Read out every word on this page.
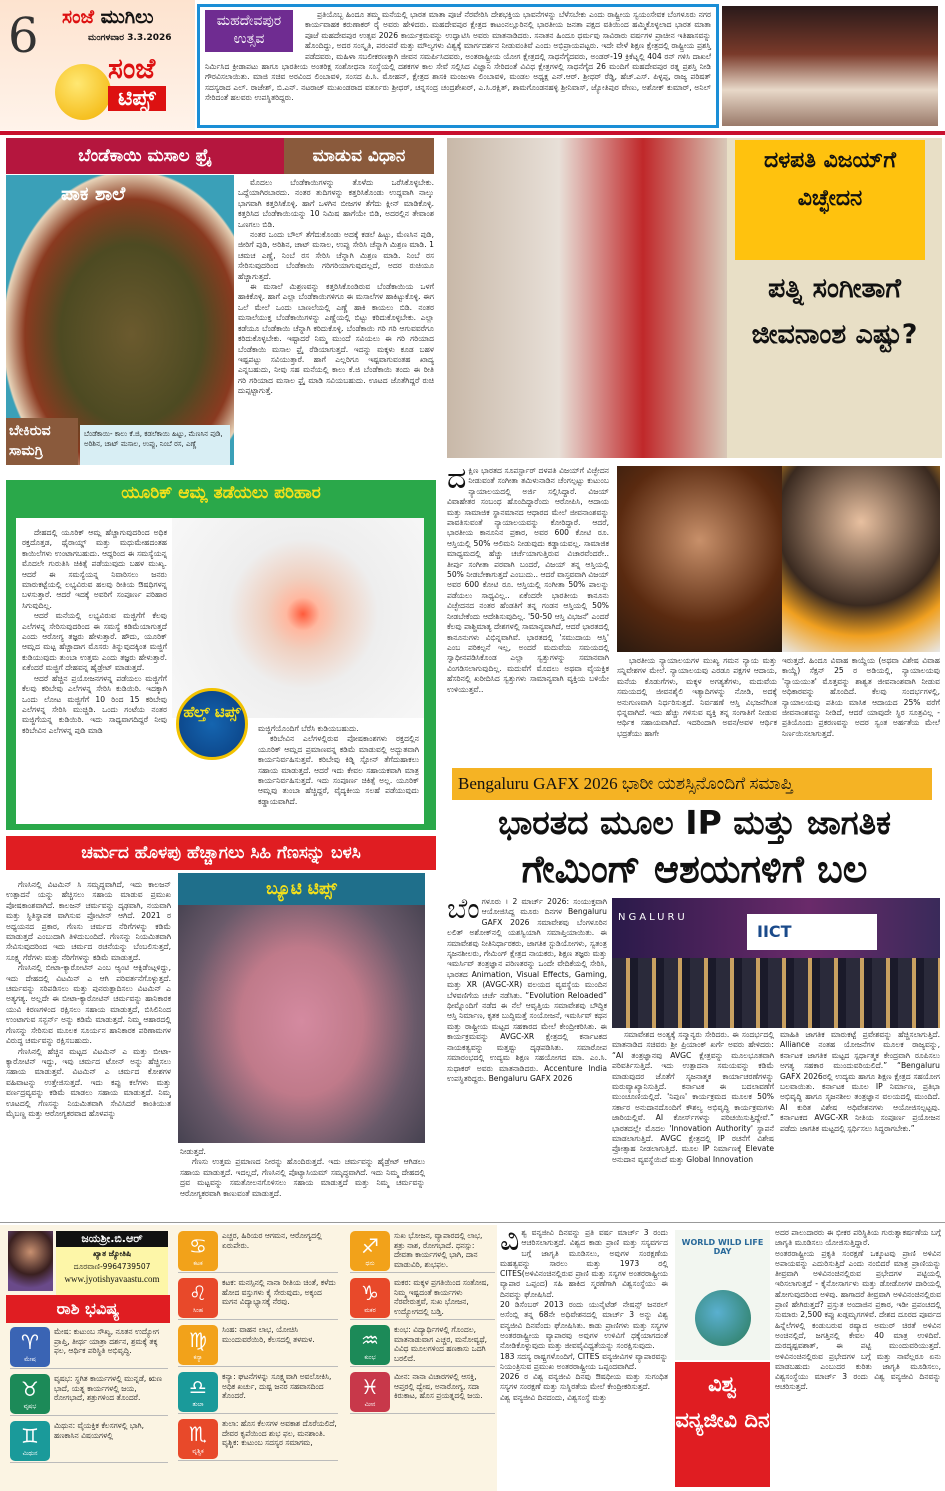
6 ಸಂಜೆ ಮುಗಿಲು
ಮಂಗಳವಾರ 3.3.2026
ಸಂಜೆ
ಟಿಪ್ಸ್

ಪ್ರತಿಯೊಬ್ಬ ಹಿಂದೂ ತಮ್ಮ ಮನೆಯಲ್ಲಿ ಭಾರತ ಮಾತಾ ಪೂಜೆ ನೆರವೇರಿಸಿ ದೇಶಭಕ್ತಿಯ ಭಾವನೆಗಳನ್ನು ಬೆಳೆಸಬೇಕು ಎಂದು ರಾಷ್ಟ್ರೀಯ ಸ್ವಯಂಸೇವಕ ಬೆಂಗಳೂರು ನಗರ ಕಾರ್ಯವಾಹಕ ಕರುಣಾಕರ್ ರೈ ಅವರು ಹೇಳಿದರು. ಮಹದೇವಪುರ ಕ್ಷೇತ್ರದ ಕಾಟಂನಲ್ಲೂರಿನಲ್ಲಿ ಭಾರತೀಯ ಜನತಾ ಪಕ್ಷದ ವತಿಯಿಂದ ಹಮ್ಮಿಕೊಳ್ಳಲಾದ ಭಾರತ ಮಾತಾ ಪೂಜೆ ಮಹದೇವಪುರ ಉತ್ಸವ 2026 ಕಾರ್ಯಕ್ರಮವನ್ನು ಉದ್ಘಾಟಿಸಿ ಅವರು ಮಾತನಾಡಿದರು. ಸನಾತನ ಹಿಂದೂ ಧರ್ಮವು ಸಾವಿರಾರು ವರ್ಷಗಳ ಪ್ರಾಚೀನ ಇತಿಹಾಸವನ್ನು ಹೊಂದಿದ್ದು, ಅದರ ಸಂಸ್ಕೃತಿ, ಪರಂಪರೆ ಮತ್ತು ಮೌಲ್ಯಗಳು ವಿಶ್ವಕ್ಕೆ ಮಾರ್ಗದರ್ಶನ ನೀಡುವಂತಿವೆ ಎಂದು ಅಭಿಪ್ರಾಯಪಟ್ಟರು. ಇದೇ ವೇಳೆ ಶಿಕ್ಷಣ ಕ್ಷೇತ್ರದಲ್ಲಿ ರಾಷ್ಟ್ರೀಯ ಪ್ರಶಸ್ತಿ ಪಡೆದವರು, ಮಹಿಳಾ ಸಬಲೀಕರಣಕ್ಕಾಗಿ ಜೀವನ ಸಮರ್ಪಿಸಿದವರು, ಅಂತರಾಷ್ಟ್ರೀಯ ಯೋಗ ಕ್ಷೇತ್ರದಲ್ಲಿ ಸಾಧನೆಗೈದವರು, ಅಂಡರ್-19 ಕ್ರಿಕೆಟ್ನಲ್ಲಿ 404 ರನ್ ಗಳಿಸಿ ದಾಖಲೆ ನಿರ್ಮಿಸಿದ ಕ್ರೀಡಾಪಟು ಹಾಗೂ ಭಾರತೀಯ ಅಂತರಿಕ್ಷ ಸಂಶೋಧನಾ ಸಂಸ್ಥೆಯಲ್ಲಿ ದಶಕಗಳ ಕಾಲ ಸೇವೆ ಸಲ್ಲಿಸಿದ ವಿಜ್ಞಾನಿ ಸೇರಿದಂತೆ ವಿವಿಧ ಕ್ಷೇತ್ರಗಳಲ್ಲಿ ಸಾಧನೆಗೈದ 26 ಮಂದಿಗೆ ಮಹದೇವಪುರ ರತ್ನ ಪ್ರಶಸ್ತಿ ನೀಡಿ ಗೌರವಿಸಲಾಯಿತು. ಮಾಜಿ ಸಚಿವ ಅರವಿಂದ ಲಿಂಬಾವಳಿ, ಸಂಸದ ಪಿ.ಸಿ. ಮೋಹನ್, ಕ್ಷೇತ್ರದ ಶಾಸಕಿ ಮಂಜುಳಾ ಲಿಂಬಾವಳಿ, ಮಂಡಲ ಅಧ್ಯಕ್ಷ ಎನ್.ಆರ್. ಶ್ರೀಧರ್ ರೆಡ್ಡಿ, ಹೆಚ್.ಎಸ್. ಪಿಳ್ಳಪ್ಪ, ರಾಜ್ಯ ಪರಿಷತ್ ಸದಸ್ಯರಾದ ಎಲ್. ರಾಜೇಶ್, ಬಿ.ಎನ್. ನಟರಾಜ್ ಮುಖಂಡರಾದ ವರ್ತೂರು ಶ್ರೀಧರ್, ಚನ್ನಸಂದ್ರ ಚಂದ್ರಶೇಖರ್, ಎ.ಸಿ.ರಕ್ಷಿತ್, ಶಾಮಗೊಂಡನಹಳ್ಳಿ ಶ್ರೀನಿವಾಸ್, ಜ್ಯೋತಿಪುರ ವೇಣು, ಅಶೋಕ್ ಕುಮಾರ್, ಅನಿಲ್ ಸೇರಿದಂತೆ ಹಲವರು ಉಪಸ್ಥಿತರಿದ್ದರು.

ಮಹದೇವಪುರ ಉತ್ಸವ
ಬೆಂಡೆಕಾಯಿ ಮಸಾಲ ಫ್ರೈ	ಮಾಡುವ ವಿಧಾನ
ಪಾಕ ಶಾಲೆ
ಬೇಕಿರುವ ಸಾಮಗ್ರಿ
ಬೆಂಡೆಕಾಯಿ- ಕಾಲು ಕೆ.ಜಿ, ಕಡಲೆಕಾಯಿ ಹಿಟ್ಟು, ಮೆಣಸಿನ ಪುಡಿ, ಅರಿಶಿನ, ಚಾಟ್ ಮಸಾಲ, ಉಪ್ಪು, ನಿಂಬೆ ರಸ, ಎಣ್ಣೆ

ಮೊದಲು ಬೆಂಡೆಕಾಯಿಗಳನ್ನು ತೊಳೆದು ಒರೆಸಿಕೊಳ್ಳಬೇಕು. ಒದ್ದೆಯಾಗಿರಬಾರದು. ನಂತರ ತುದಿಗಳನ್ನು ಕತ್ತರಿಸಿಕೊಂಡು ಉದ್ದವಾಗಿ ನಾಲ್ಕು ಭಾಗವಾಗಿ ಕತ್ತರಿಸಿಕೊಳ್ಳಿ. ಹಾಗೆ ಒಳಗಿನ ಬೀಜಗಳ ತೆಗೆದು ಕ್ಲೀನ್ ಮಾಡಿಕೊಳ್ಳಿ. ಕತ್ತರಿಸಿದ ಬೆಂಡೆಕಾಯಿಯನ್ನು 10 ನಿಮಿಷ ಹಾಗೆಯೇ ಬಿಡಿ, ಅದರಲ್ಲಿನ ತೇವಾಂಶ ಒಣಗಲು ಬಿಡಿ.

ನಂತರ ಒಂದು ಬೌಲ್ ತೆಗೆದುಕೊಂಡು ಅದಕ್ಕೆ ಕಡಲೆ ಹಿಟ್ಟು, ಮೆಣಸಿನ ಪುಡಿ, ಜೀರಿಗೆ ಪುಡಿ, ಅರಿಶಿನ, ಚಾಟ್ ಮಸಾಲ, ಉಪ್ಪು ಸೇರಿಸಿ ಚೆನ್ನಾಗಿ ಮಿಶ್ರಣ ಮಾಡಿ. 1 ಚಮಚ ಎಣ್ಣೆ, ನಿಂಬೆ ರಸ ಸೇರಿಸಿ ಚೆನ್ನಾಗಿ ಮಿಶ್ರಣ ಮಾಡಿ. ನಿಂಬೆ ರಸ ಸೇರಿಸುವುದರಿಂದ ಬೆಂಡೆಕಾಯಿ ಗರಿಗರಿಯಾಗುವುದಲ್ಲದೆ, ಅದರ ರುಚಿಯೂ ಹೆಚ್ಚಾಗುತ್ತದೆ.

ಈ ಮಸಾಲೆ ಮಿಶ್ರಣವನ್ನು ಕತ್ತರಿಸಿಕೊಂಡಿರುವ ಬೆಂಡೆಕಾಯಿಯ ಒಳಗೆ ಹಾಕಿಕೊಳ್ಳಿ. ಹಾಗೆ ಎಲ್ಲಾ ಬೆಂಡೆಕಾಯಿಗಳಿಗೂ ಈ ಮಸಾಲೆಗಳ ಹಾಕಿಟ್ಟುಕೊಳ್ಳಿ. ಈಗ ಒಲೆ ಮೇಲೆ ಒಂದು ಬಾಣಲೆಯಲ್ಲಿ ಎಣ್ಣೆ ಹಾಕಿ ಕಾಯಲು ಬಿಡಿ. ನಂತರ ಮಸಾಲೆಯುಕ್ತ ಬೆಂಡೆಕಾಯಿಗಳನ್ನು ಎಣ್ಣೆಯಲ್ಲಿ ಬಿಟ್ಟು ಕರಿದುಕೊಳ್ಳಬೇಕು. ಎಲ್ಲಾ ಕಡೆಯೂ ಬೆಂಡೆಕಾಯಿ ಚೆನ್ನಾಗಿ ಕರಿದುಕೊಳ್ಳಿ. ಬೆಂಡೆಕಾಯಿ ಗರಿ ಗರಿ ಆಗುವವರೆಗೂ ಕರಿದುಕೊಳ್ಳಬೇಕು. ಇಷ್ಟಾದರೆ ನಿಮ್ಮ ಮುಂದೆ ಸವಿಯಲು ಈ ಗರಿ ಗರಿಯಾದ ಬೆಂಡೆಕಾಯಿ ಮಸಾಲ ಫ್ರೈ ರೆಡಿಯಾಗುತ್ತದೆ. ಇದನ್ನು ಮಕ್ಕಳು ಕೂಡ ಬಹಳ ಇಷ್ಟಪಟ್ಟು ಸವಿಯುತ್ತಾರೆ. ಹಾಗೆ ಎಲ್ಲರಿಗೂ ಇಷ್ಟವಾಗುವಂತಹ ಖಾದ್ಯ ಎನ್ನಬಹುದು, ನೀವು ಸಹ ಮನೆಯಲ್ಲಿ ಕಾಲು ಕೆ.ಜಿ ಬೆಂಡೆಕಾಯಿ ತಂದು ಈ ರೀತಿ ಗರಿ ಗರಿಯಾದ ಮಸಾಲ ಫ್ರೈ ಮಾಡಿ ಸವಿಯಬಹುದು. ಊಟದ ಜೊತೆಗಿದ್ದರೆ ರುಚಿ ದುಪ್ಪಟ್ಟಾಗುತ್ತೆ.

ಯೂರಿಕ್ ಆಮ್ಲ ತಡೆಯಲು ಪರಿಹಾರ

ದೇಹದಲ್ಲಿ ಯೂರಿಕ್ ಆಮ್ಲ ಹೆಚ್ಚಾಗುವುದರಿಂದ ಅಧಿಕ ರಕ್ತದೊತ್ತಡ, ಥೈರಾಯ್ಡ್ ಮತ್ತು ಮಧುಮೇಹದಂತಹ ಕಾಯಿಲೆಗಳು ಉಂಟಾಗಬಹುದು. ಆದ್ದರಿಂದ ಈ ಸಮಸ್ಯೆಯನ್ನ ಮೊದಲೇ ಗುರುತಿಸಿ ಚಿಕಿತ್ಸೆ ಪಡೆಯುವುದು ಬಹಳ ಮುಖ್ಯ. ಆದರೆ ಈ ಸಮಸ್ಯೆಯನ್ನ ನಿವಾರಿಸಲು ಜನರು ಮಾರುಕಟ್ಟೆಯಲ್ಲಿ ಲಭ್ಯವಿರುವ ಹಲವು ರೀತಿಯ ಔಷಧಿಗಳನ್ನ ಬಳಸುತ್ತಾರೆ. ಆದರೆ ಇದಕ್ಕೆ ಅವರಿಗೆ ಸಂಪೂರ್ಣ ಪರಿಹಾರ ಸಿಗುವುದಿಲ್ಲ.

ಆದರೆ ಮನೆಯಲ್ಲಿ ಲಭ್ಯವಿರುವ ಮಜ್ಜಿಗೆಗೆ ಕೆಲವು ಎಲೆಗಳನ್ನ ಸೇರಿಸುವುದರಿಂದ ಈ ಸಮಸ್ಯೆ ಕಡಿಮೆಯಾಗುತ್ತದೆ ಎಂದು ಆರೋಗ್ಯ ತಜ್ಞರು ಹೇಳುತ್ತಾರೆ. ಹೌದು, ಯೂರಿಕ್ ಆಮ್ಲದ ಮಟ್ಟ ಹೆಚ್ಚಾದಾಗ ಮೊಸರು ತಿನ್ನುವುದಕ್ಕಿಂತ ಮಜ್ಜಿಗೆ ಕುಡಿಯುವುದು ತುಂಬಾ ಉತ್ತಮ ಎಂದು ತಜ್ಞರು ಹೇಳುತ್ತಾರೆ. ಏಕೆಂದರೆ ಮಜ್ಜಿಗೆ ದೇಹವನ್ನ ಹೈಡ್ರೇಟ್ ಮಾಡುತ್ತದೆ.

ಆದರೆ ಹೆಚ್ಚಿನ ಪ್ರಯೋಜನಗಳನ್ನ ಪಡೆಯಲು ಮಜ್ಜಿಗೆಗೆ ಕೆಲವು ಕರಿಬೇವು ಎಲೆಗಳನ್ನ ಸೇರಿಸಿ ಕುಡಿಯಿರಿ. ಇದಕ್ಕಾಗಿ ಒಂದು ಲೋಟ ಮಜ್ಜಿಗೆಗೆ 10 ರಿಂದ 15 ಕರಿಬೇವು ಎಲೆಗಳನ್ನ ಸೇರಿಸಿ ಮುಚ್ಚಿಡಿ. ಒಂದು ಗಂಟೆಯ ನಂತರ ಮಜ್ಜಿಗೆಯನ್ನ ಕುಡಿಯಿರಿ. ಇದು ಸಾಧ್ಯವಾಗದಿದ್ದರೆ ನೀವು ಕರಿಬೇವಿನ ಎಲೆಗಳನ್ನ ಪುಡಿ ಮಾಡಿ	ಮಜ್ಜಿಗೆಯೊಂದಿಗೆ ಬೆರೆಸಿ ಕುಡಿಯಬಹುದು.

ಕರಿಬೇವಿನ ಎಲೆಗಳಲ್ಲಿರುವ ಪೋಷಕಾಂಶಗಳು ರಕ್ತದಲ್ಲಿನ ಯೂರಿಕ್ ಆಮ್ಲದ ಪ್ರಮಾಣವನ್ನ ಕಡಿಮೆ ಮಾಡುವಲ್ಲಿ ಅದ್ಭುತವಾಗಿ ಕಾರ್ಯನಿರ್ವಹಿಸುತ್ತವೆ. ಕರಿಬೇವು ಕಿಡ್ನಿ ಸ್ಟೋನ್ ತೆಗೆದುಹಾಕಲು ಸಹಾಯ ಮಾಡುತ್ತದೆ. ಆದರೆ ಇದು ಕೇವಲ ಸಹಾಯಕವಾಗಿ ಮಾತ್ರ ಕಾರ್ಯನಿರ್ವಹಿಸುತ್ತದೆ. ಇದು ಸಂಪೂರ್ಣ ಚಿಕಿತ್ಸೆ ಅಲ್ಲ. ಯೂರಿಕ್ ಆಮ್ಲವು ತುಂಬಾ ಹೆಚ್ಚಿದ್ದರೆ, ವೈದ್ಯಕೀಯ ಸಲಹೆ ಪಡೆಯುವುದು ಕಡ್ಡಾಯವಾಗಿದೆ.

ಹೆಲ್ತ್ ಟಿಪ್ಸ್
ಚರ್ಮದ ಹೊಳಪು ಹೆಚ್ಚಾಗಲು ಸಿಹಿ ಗೆಣಸನ್ನು ಬಳಸಿ

ಗೆಣಸಿನಲ್ಲಿ ವಿಟಮಿನ್ ಸಿ ಸಮೃದ್ಧವಾಗಿದೆ, ಇದು ಕಾಲಜನ್ ಉತ್ಪಾದನೆ ಯನ್ನು ಹೆಚ್ಚಿಸಲು ಸಹಾಯ ಮಾಡುವ ಪ್ರಮುಖ ಪೋಷಕಾಂಶವಾಗಿದೆ. ಕಾಲಜನ್ ಚರ್ಮವನ್ನು ದೃಢವಾಗಿ, ನಯವಾಗಿ ಮತ್ತು ಸ್ಥಿತಿಸ್ಥಾಪಕ ವಾಗಿಸುವ ಪ್ರೋಟೀನ್ ಆಗಿದೆ. 2021 ರ ಅಧ್ಯಯನದ ಪ್ರಕಾರ, ಗೆಣಸು ಚರ್ಮದ ನೆರಿಗೆಗಳನ್ನು ಕಡಿಮೆ ಮಾಡುತ್ತದೆ ಎಂಬುದಾಗಿ ತಿಳಿದುಬಂದಿದೆ. ಗೆಣಸನ್ನು ನಿಯಮಿತವಾಗಿ ಸೇವಿಸುವುದರಿಂದ ಇದು ಚರ್ಮದ ರಚನೆಯನ್ನು ಬೆಂಬಲಿಸುತ್ತದೆ, ಸೂಕ್ಷ್ಮ ಗೆರೆಗಳು ಮತ್ತು ನೆರಿಗೆಗಳನ್ನು ಕಡಿಮೆ ಮಾಡುತ್ತದೆ.

ಗೆಣಸಿನಲ್ಲಿ ಬೀಟಾ-ಕ್ಯಾರೋಟಿನ್ ಎಂಬ ಆ್ಯಂಟಿ ಆಕ್ಸಿಡೆಂಟ್ಗಳಿದ್ದು, ಇದು ದೇಹದಲ್ಲಿ ವಿಟಮಿನ್ ಎ ಆಗಿ ಪರಿವರ್ತನೆಗೊಳ್ಳುತ್ತದೆ. ಚರ್ಮವನ್ನು ಸರಿಪಡಿಸಲು ಮತ್ತು ಪುನರುತ್ಪಾದಿಸಲು ವಿಟಮಿನ್ ಎ ಅತ್ಯಗತ್ಯ. ಅಲ್ಲದೇ ಈ ಬೀಟಾ-ಕ್ಯಾರೋಟಿನ್ ಚರ್ಮವನ್ನು ಹಾನಿಕಾರಕ ಯುವಿ ಕಿರಣಗಳಿಂದ ರಕ್ಷಿಸಲು ಸಹಾಯ ಮಾಡುತ್ತದೆ, ಬಿಸಿಲಿನಿಂದ ಉಂಟಾಗುವ ಸನ್ಬರ್ನ್ ಅನ್ನು ಕಡಿಮೆ ಮಾಡುತ್ತದೆ. ನಿಮ್ಮ ಆಹಾರದಲ್ಲಿ ಗೆಣಸನ್ನು ಸೇರಿಸುವ ಮೂಲಕ ಸೂರ್ಯನ ಹಾನಿಕಾರಕ ಪರಿಣಾಮಗಳ ವಿರುದ್ಧ ಚರ್ಮವನ್ನು ರಕ್ಷಿಸಬಹುದು.

ಗೆಣಸಿನಲ್ಲಿ ಹೆಚ್ಚಿನ ಮಟ್ಟದ ವಿಟಮಿನ್ ಎ ಮತ್ತು ಬೀಟಾ-ಕ್ಯಾರೋಟಿನ್ ಇದ್ದು, ಇವು ಚರ್ಮದ ಟೋನ್ ಅನ್ನು ಹೆಚ್ಚಿಸಲು ಸಹಾಯ ಮಾಡುತ್ತವೆ. ವಿಟಮಿನ್ ಎ ಚರ್ಮದ ಕೋಶಗಳ ವಹಿವಾಟನ್ನು ಉತ್ತೇಜಿಸುತ್ತದೆ. ಇದು ಕಪ್ಪು ಕಲೆಗಳು ಮತ್ತು ವರ್ಣದ್ರವ್ಯವನ್ನು ಕಡಿಮೆ ಮಾಡಲು ಸಹಾಯ ಮಾಡುತ್ತದೆ. ನಿಮ್ಮ ಊಟದಲ್ಲಿ ಗೆಣಸನ್ನು ನಿಯಮಿತವಾಗಿ ಸೇವಿಸಿದರೆ ಕಾಂತಿಯುತ ಮೈಬಣ್ಣ ಮತ್ತು ಆರೋಗ್ಯಕರವಾದ ಹೊಳಪನ್ನು

ಬ್ಯೂಟಿ ಟಿಪ್ಸ್

ನೀಡುತ್ತದೆ.

ಗೆಣಸು ಉತ್ತಮ ಪ್ರಮಾಣದ ನೀರನ್ನು ಹೊಂದಿರುತ್ತದೆ. ಇದು ಚರ್ಮವನ್ನು ಹೈಡ್ರೇಟ್ ಆಗಿಡಲು ಸಹಾಯ ಮಾಡುತ್ತದೆ. ಇದಲ್ಲದೆ, ಗೆಣಸಿನಲ್ಲಿ ಪೊಟ್ಯಾಸಿಯಮ್ ಸಮೃದ್ಧವಾಗಿದೆ. ಇದು ನಿಮ್ಮ ದೇಹದಲ್ಲಿ ದ್ರವ ಮಟ್ಟವನ್ನು ಸಮತೋಲನಗೊಳಿಸಲು ಸಹಾಯ ಮಾಡುತ್ತದೆ ಮತ್ತು ನಿಮ್ಮ ಚರ್ಮವನ್ನು ಆರೋಗ್ಯಕರವಾಗಿ ಕಾಣುವಂತೆ ಮಾಡುತ್ತದೆ.

ದಳಪತಿ ವಿಜಯ್‌ಗೆ ವಿಚ್ಛೇದನ
ಪತ್ನಿ ಸಂಗೀತಾಗೆ ಜೀವನಾಂಶ ಎಷ್ಟು?
ದಕ್ಷಿಣ ಭಾರತದ ಸೂಪರ್ಸ್ಟಾರ್ ದಳಪತಿ ವಿಜಯ್‌ಗೆ ವಿಚ್ಛೇದನ ನೀಡುವಂತೆ ಸಂಗೀತಾ ತಮಿಳುನಾಡಿನ ಚೆಂಗಲ್ಪಟ್ಟು ಕುಟುಂಬ ನ್ಯಾಯಾಲಯದಲ್ಲಿ ಅರ್ಜಿ ಸಲ್ಲಿಸಿದ್ದಾರೆ. ವಿಜಯ್ ವಿವಾಹೇತರ ಸಂಬಂಧ ಹೊಂದಿದ್ದಾರೆಂದು ಆರೋಪಿಸಿ, ಆದಾಯ ಮತ್ತು ಸಾಮಾಜಿಕ ಸ್ಥಾನಮಾನದ ಆಧಾರದ ಮೇಲೆ ಜೀವನಾಂಶವನ್ನು ಪಾವತಿಸುವಂತೆ ನ್ಯಾಯಾಲಯವನ್ನು ಕೋರಿದ್ದಾರೆ. ಆದರೆ, ಭಾರತೀಯ ಕಾನೂನಿನ ಪ್ರಕಾರ, ಅವರ 600 ಕೋಟಿ ರೂ. ಆಸ್ತಿಯಲ್ಲಿ 50% ಆಲಿಮನಿ ನೀಡುವುದು ಕಡ್ಡಾಯವಲ್ಲ. ಸಾಮಾಜಿಕ ಮಾಧ್ಯಮದಲ್ಲಿ ಹೆಚ್ಚು ಚರ್ಚೆಯಾಗುತ್ತಿರುವ ವಿಚಾರವೆಂದರೇ.. ತೀರ್ಪು ಸಂಗೀತಾ ಪರವಾಗಿ ಬಂದರೆ, ವಿಜಯ್ ತನ್ನ ಆಸ್ತಿಯಲ್ಲಿ 50% ನೀಡಬೇಕಾಗುತ್ತದೆ ಎಂಬುದು.. ಆದರೆ ವಾಸ್ತವವಾಗಿ ವಿಜಯ್ ಅವರ 600 ಕೋಟಿ ರೂ. ಆಸ್ತಿಯಲ್ಲಿ ಸಂಗೀತಾ 50% ಪಾಲನ್ನು ಪಡೆಯಲು ಸಾಧ್ಯವಿಲ್ಲ.. ಏಕೆಂದರೇ ಭಾರತೀಯ ಕಾನೂನು ವಿಚ್ಛೇದನದ ನಂತರ ಹೆಂಡತಿಗೆ ತನ್ನ ಗಂಡನ ಆಸ್ತಿಯಲ್ಲಿ 50% ನೀಡಬೇಕೆಂದು ಆದೇಶಿಸುವುದಿಲ್ಲ. '50-50 ಆಸ್ತಿ ವಿಭಜನೆ' ಎಂದರೆ ಕೆಲವು ಪಾಶ್ಚಿಮಾತ್ಯ ದೇಶಗಳಲ್ಲಿ ಸಾಮಾನ್ಯವಾಗಿದೆ, ಆದರೆ ಭಾರತದಲ್ಲಿ ಕಾನೂನುಗಳು ವಿಭಿನ್ನವಾಗಿವೆ. ಭಾರತದಲ್ಲಿ 'ಸಮುದಾಯ ಆಸ್ತಿ' ಎಂಬ ಪರಿಕಲ್ಪನೆ ಇಲ್ಲ, ಅಂದರೆ ಮದುವೆಯ ಸಮಯದಲ್ಲಿ ಸ್ವಾಧೀನಪಡಿಸಿಕೊಂಡ ಎಲ್ಲಾ ಸ್ವತ್ತುಗಳನ್ನು ಸಮಾನವಾಗಿ ವಿಂಗಡಿಸಲಾಗುವುದಿಲ್ಲ. ಮದುವೆಗೆ ಮೊದಲು ಅಥವಾ ವೈಯಕ್ತಿಕ ಹೆಸರಿನಲ್ಲಿ ಖರೀದಿಸಿದ ಸ್ವತ್ತುಗಳು ಸಾಮಾನ್ಯವಾಗಿ ವ್ಯಕ್ತಿಯ ಬಳಿಯೇ ಉಳಿಯುತ್ತವೆ..

ಭಾರತೀಯ ನ್ಯಾಯಾಲಯಗಳ ಮುಖ್ಯ ಗಮನ ನ್ಯಾಯ ಮತ್ತು ಸನ್ನಿವೇಶಗಳ ಮೇಲೆ. ನ್ಯಾಯಾಲಯವು ಎರಡೂ ಪಕ್ಷಗಳ ಆದಾಯ, ಮನೆಯ ಕೊಡುಗೆಗಳು, ಮಕ್ಕಳ ಅಗತ್ಯತೆಗಳು, ಮದುವೆಯ ಸಮಯದಲ್ಲಿ ಜೀವನಶೈಲಿ ಇತ್ಯಾದಿಗಳನ್ನು ನೋಡಿ, ಅದಕ್ಕೆ ಅನುಗುಣವಾಗಿ ನಿರ್ಧರಿಸುತ್ತದೆ. ನಿರ್ವಹಣೆ ಆಸ್ತಿ ವಿಭಜನೆಗಿಂತ ಭಿನ್ನವಾಗಿದೆ. ಇದು ಹೆಚ್ಚು ಗಳಿಸುವ ವ್ಯಕ್ತಿ ತನ್ನ ಸಂಗಾತಿಗೆ ನೀಡುವ ಆರ್ಥಿಕ ಸಹಾಯವಾಗಿದೆ. ಇದರಿಂದಾಗಿ ಅವನ/ಅವಳ ಆರ್ಥಿಕ ಭದ್ರತೆಯು ಹಾಗೇ

ಇರುತ್ತದೆ. ಹಿಂದೂ ವಿವಾಹ ಕಾಯ್ದೆಯ (ಅಥವಾ ವಿಶೇಷ ವಿವಾಹ ಕಾಯ್ದೆ) ಸೆಕ್ಷನ್ 25 ರ ಅಡಿಯಲ್ಲಿ, ನ್ಯಾಯಾಲಯವು 'ನ್ಯಾಯಯುತ' ಮೊತ್ತವನ್ನು ಶಾಶ್ವತ ಜೀವನಾಂಶವಾಗಿ ನೀಡುವ ಅಧಿಕಾರವನ್ನು ಹೊಂದಿದೆ. ಕೆಲವು ಸಂದರ್ಭಗಳಲ್ಲಿ, ನ್ಯಾಯಾಲಯವು ಪತಿಯ ಮಾಸಿಕ ಆದಾಯದ 25% ವರೆಗೆ ಜೀವನಾಂಶವನ್ನು ನೀಡಿದೆ, ಆದರೆ ಯಾವುದೇ ಸ್ಥಿರ ಸೂತ್ರವಿಲ್ಲ - ಪ್ರತಿಯೊಂದು ಪ್ರಕರಣವನ್ನು ಅದರ ಸ್ವಂತ ಅರ್ಹತೆಯ ಮೇಲೆ ನಿರ್ಣಯಿಸಲಾಗುತ್ತದೆ.

Bengaluru GAFX 2026 ಭಾರೀ ಯಶಸ್ಸಿನೊಂದಿಗೆ ಸಮಾಪ್ತಿ
ಭಾರತದ ಮೂಲ IP ಮತ್ತು ಜಾಗತಿಕ
ಗೇಮಿಂಗ್ ಆಶಯಗಳಿಗೆ ಬಲ
ಬೆಂಗಳೂರು । 2 ಮಾರ್ಚ್ 2026: ಸಂಯುಕ್ತವಾಗಿ ಆಯೋಜಿಸಿದ್ದ ಮೂರು ದಿನಗಳ Bengaluru GAFX 2026 ಸಮಾವೇಶವು ಬೆಂಗಳೂರಿನ ಲಲಿತ್ ಅಶೋಕ್‌ನಲ್ಲಿ ಯಶಸ್ವಿಯಾಗಿ ಸಮಾಪ್ತಿಯಾಯಿತು. ಈ ಸಮಾವೇಶವು ನೀತಿನಿರ್ಧಾರಕರು, ಜಾಗತಿಕ ಸ್ಟುಡಿಯೋಗಳು, ಸ್ವತಂತ್ರ ಸೃಜನಶೀಲರು, ಗೇಮಿಂಗ್ ಕ್ಷೇತ್ರದ ನಾಯಕರು, ಶಿಕ್ಷಣ ತಜ್ಞರು ಮತ್ತು ಇಮರ್ಸಿವ್ ತಂತ್ರಜ್ಞಾನ ಪರಿಣತರನ್ನು ಒಂದೇ ವೇದಿಕೆಯಲ್ಲಿ ಸೇರಿಸಿ, ಭಾರತದ Animation, Visual Effects, Gaming, ಮತ್ತು XR (AVGC-XR) ವಲಯದ ವ್ಯವಸ್ಥೆಯ ಮುಂದಿನ ಬೆಳವಣಿಗೆಯ ಚರ್ಚೆ ನಡೆಸಿತು. “Evolution Reloaded” ಥೀಮ್ನೊಂದಿಗೆ ನಡೆದ ಈ ನೆಲೆ ಆವೃತ್ತಿಯ ಸಮಾವೇಶವು ಬೌದ್ಧಿಕ ಆಸ್ತಿ ನಿರ್ಮಾಣ, ಕೃತಕ ಬುದ್ಧಿಮತ್ತೆ ಸಂಯೋಜನೆ, ಇಮರ್ಸಿವ್ ಕಥನ ಮತ್ತು ರಾಷ್ಟ್ರೀಯ ಮಟ್ಟದ ಸಹಕಾರದ ಮೇಲೆ ಕೇಂದ್ರೀಕರಿಸಿತು. ಈ ಕಾರ್ಯಕ್ರಮವನ್ನು AVGC-XR ಕ್ಷೇತ್ರದಲ್ಲಿ ಕರ್ನಾಟಕದ ನಾಯಕತ್ವವನ್ನು ಮತ್ತಷ್ಟು ದೃಢಪಡಿಸಿತು. ಸಮಾರೋಪ ಸಮಾರಂಭದಲ್ಲಿ ಉದ್ಯಮ ಶಿಕ್ಷಣ ಸಹಯೋಗದ ಮಾ. ಎಂ.ಸಿ. ಸುಧಾಕರ್ ಅವರು ಮಾತನಾಡಿದರು. Accenture India ಉಪಸ್ಥಿತರಿದ್ದರು. Bengaluru GAFX 2026
NGALURU
IICT

ಸಮಾವೇಶದ ಅಂತ್ಯಕ್ಕೆ ಸನ್ಮಾನ್ಯರು ಸೇರಿದರು. ಈ ಸಂದರ್ಭದಲ್ಲಿ ಮಾತನಾಡಿದ ಸಚಿವರು ಶ್ರೀ ಪ್ರಿಯಾಂಕ್ ಖರ್ಗೆ ಅವರು ಹೇಳಿದರು: “AI ತಂತ್ರಜ್ಞಾನವು AVGC ಕ್ಷೇತ್ರವನ್ನು ಮೂಲಭೂತವಾಗಿ ಪರಿವರ್ತಿಸುತ್ತಿದೆ. ಇದು ಉತ್ಪಾದನಾ ಸಮಯವನ್ನು ಕಡಿಮೆ ಮಾಡುವುದರ ಜೊತೆಗೆ ಸೃಜನಾತ್ಮಕ ಕಾರ್ಯಾಚರಣೆಗಳನ್ನು ಮರುವ್ಯಾಖ್ಯಾನಿಸುತ್ತಿದೆ. ಕರ್ನಾಟಕ ಈ ಬದಲಾವಣೆಗೆ ಮುಂಚೂಣಿಯಲ್ಲಿದೆ. 'ನಿಪುಣ' ಕಾರ್ಯಕ್ರಮದ ಮೂಲಕ 50% ಸರ್ಕಾರ ಅನುದಾನದೊಂದಿಗೆ ಕೌಶಲ್ಯ ಅಭಿವೃದ್ಧಿ ಕಾರ್ಯಕ್ರಮಗಳು ಜಾರಿಯಲ್ಲಿವೆ. AI ಕೋರ್ಸ್‌ಗಳನ್ನು ಪರಿಚಯಿಸುತ್ತಿದ್ದೇವೆ.” ಭಾರತದಲ್ಲೇ ಮೊದಲ 'Innovation Authority' ಸ್ಥಾಪನೆ ಮಾಡಲಾಗುತ್ತಿದೆ. AVGC ಕ್ಷೇತ್ರದಲ್ಲಿ IP ರಚನೆಗೆ ವಿಶೇಷ ಪ್ರೋತ್ಸಾಹ ನೀಡಲಾಗುತ್ತಿದೆ. ಮೂಲ IP ನಿರ್ಮಾಣಕ್ಕೆ Elevate ಅನುದಾನ ವ್ಯವಸ್ಥೆಯಿದೆ ಮತ್ತು Global Innovation

ಮಾಹಿತಿ ಜಾಗತಿಕ ಮಾರುಕಟ್ಟೆ ಪ್ರವೇಶವನ್ನು ಹೆಚ್ಚಿಸಲಾಗುತ್ತಿದೆ. Alliance ನಂತಹ ಯೋಜನೆಗಳ ಮೂಲಕ ರಾಜ್ಯವನ್ನು, ಕರ್ನಾಟಕ ಜಾಗತಿಕ ಮಟ್ಟದ ಸ್ಪರ್ಧಾತ್ಮಕ ಕೇಂದ್ರವಾಗಿ ರೂಪಿಸಲು ಅಗತ್ಯ ಸಹಕಾರ ಮುಂದುವರಿಯಲಿದೆ.” “Bengaluru GAFX 2026ರಲ್ಲಿ ಉದ್ಯಮ ಹಾಗೂ ಶಿಕ್ಷಣ ಕ್ಷೇತ್ರದ ಸಹಯೋಗ ಬಲವಾಯಿತು. ಕರ್ನಾಟಕ ಮೂಲ IP ನಿರ್ಮಾಣ, ಪ್ರತಿಭಾ ಅಭಿವೃದ್ಧಿ ಹಾಗೂ ಸೃಜನಶೀಲ ತಂತ್ರಜ್ಞಾನ ವಲಯದಲ್ಲಿ ಮುಂದಿದೆ. AI ಕುರಿತ ವಿಶೇಷ ಅಧಿವೇಶನಗಳು ಆಯೋಜಿಸಲ್ಪಟ್ಟವು. ಕರ್ನಾಟಕದ AVGC-XR ನೀತಿಯ ಸಂಪೂರ್ಣ ಪ್ರಯೋಜನ ಪಡೆದು ಜಾಗತಿಕ ಮಟ್ಟದಲ್ಲಿ ಸ್ಪರ್ಧಿಸಲು ಸಿದ್ಧರಾಗಬೇಕು.”

ಜಯಶ್ರೀ.ಬಿ.ಆರ್
ಖ್ಯಾತ ಜ್ಯೋತಿಷಿ
ದೂರವಾಣಿ-9964739507
www.jyotishyavaastu.com
ರಾಶಿ ಭವಿಷ್ಯ
♈
ಮೇಷ
ಮೇಷ: ಕುಟುಂಬ ಸೌಖ್ಯ, ನೂತನ ಉದ್ಯೋಗ ಪ್ರಾಪ್ತಿ, ತೀರ್ಥ ಯಾತ್ರಾ ದರ್ಶನ, ಶ್ರಮಕ್ಕೆ ತಕ್ಕ ಫಲ, ಆರ್ಥಿಕ ಪರಿಸ್ಥಿತಿ ಅಭಿವೃದ್ಧಿ.
♉
ವೃಷಭ
ವೃಷಭ: ಸ್ಥಗಿತ ಕಾರ್ಯಗಳಲ್ಲಿ ಮುನ್ನಡೆ, ಋಣ ಭಾದೆ, ಯತ್ನ ಕಾರ್ಯಗಳಲ್ಲಿ ಜಯ, ರೋಗಭಾದೆ, ಶತ್ರುಗಳಿಂದ ತೊಂದರೆ.
♊
ಮಿಥುನ
ಮಿಥುನ: ವೈಯಕ್ತಿಕ ಕೆಲಸಗಳಲ್ಲಿ ಭಾಗಿ, ಹಣಕಾಸಿನ ವಿಷಯಗಳಲ್ಲಿ
♋
ಕಟಕ
ಎಚ್ಚರ, ಹಿರಿಯರ ಆಗಮನ, ಆರೋಗ್ಯದಲ್ಲಿ ಏರುಪೇರು.
♌
ಸಿಂಹ
ಕಟಕ: ಮನಸ್ಸಿನಲ್ಲಿ ನಾನಾ ರೀತಿಯ ಚಿಂತೆ, ಕಳೆದು ಹೋದ ವಸ್ತುಗಳು ಕೈ ಸೇರುವುದು, ಅಕ್ಕಂದ ಮಗನ ವಿದ್ಯಾಭ್ಯಾಸಕ್ಕೆ ನೆರವು.
♍
ಕನ್ಯಾ
ಸಿಂಹ: ವಾಹನ ಲಾಭ, ಯೋಚಿಸಿ ಮುಂದುವರೆಯಿರಿ, ಕೆಲಸದಲ್ಲಿ ತಳಮಳ.
♎
ತುಲಾ
ಕನ್ಯಾ: ಘಟನೆಗಳನ್ನು ಸೂಕ್ಷ್ಮವಾಗಿ ಅವಲೋಕಿಸಿ, ಅಧಿಕ ಖರ್ಚು, ದುಷ್ಟ ಜನರ ಸಹವಾಸದಿಂದ ತೊಂದರೆ.
♏
ವೃಶ್ಚಿಕ
ತುಲಾ: ಹೊಸ ಕೆಲಸಗಳ ಅವಕಾಶ ದೊರೆಯಲಿದೆ, ದೇವರ ಕೃಪೆಯಿಂದ ಶುಭ ಫಲ, ಮನಶಾಂತಿ. ವೃಶ್ಚಿಕ: ಕುಟುಂಬ ಸದಸ್ಯರ ಸಮಾಗಮ,
♐
ಧನು
ಸುಖ ಭೋಜನ, ವ್ಯಾಪಾರದಲ್ಲಿ ಲಾಭ, ಶತ್ರು ನಾಶ, ರೋಗಭಾದೆ. ಧನಸ್ಸು: ದೇವತಾ ಕಾರ್ಯಗಳಲ್ಲಿ ಭಾಗಿ, ದಾನ ಮಾಡುವಿರಿ, ಶುಭಫಲ.
♑
ಮಕರ
ಮಕರ: ಮಕ್ಕಳ ಪ್ರಗತಿಯಿಂದ ಸಂತೋಷ, ನಿಮ್ಮ ಇಷ್ಟದಂತೆ ಕಾರ್ಯಗಳು ನೆರವೇರುತ್ತವೆ, ಸುಖ ಭೋಜನ, ಉದ್ಯೋಗದಲ್ಲಿ ಬಡ್ತಿ.
♒
ಕುಂಭ
ಕುಂಭ: ವಿದ್ಯಾರ್ಥಿಗಳಲ್ಲಿ ಗೊಂದಲ, ಮಾತನಾಡುವಾಗ ಎಚ್ಚರ, ಮನೋವ್ಯಥೆ, ವಿವಿಧ ಮೂಲಗಳಿಂದ ಹಣಕಾಸು ಒದಗಿ ಬರಲಿದೆ.
♓
ಮೀನ
ಮೀನ: ನಾನಾ ವಿಚಾರಗಳಲ್ಲಿ ಆಸಕ್ತಿ, ಆಪ್ತರಲ್ಲಿ ದ್ವೇಷ, ಅನಾರೋಗ್ಯ, ಸದಾ ಕಿರುಕಾಟ, ಹೊಸ ಪ್ರಯತ್ನದಲ್ಲಿ ಜಯ.
ವಿಶ್ವ ವನ್ಯಜೀವಿ ದಿನವನ್ನು ಪ್ರತಿ ವರ್ಷ ಮಾರ್ಚ್ 3 ರಂದು ಆಚರಿಸಲಾಗುತ್ತದೆ. ವಿಶ್ವದ ಕಾಡು ಪ್ರಾಣಿ ಮತ್ತು ಸಸ್ಯವರ್ಗದ ಬಗ್ಗೆ ಜಾಗೃತಿ ಮೂಡಿಸಲು, ಅವುಗಳ ಸಂರಕ್ಷಣೆಯ ಮಹತ್ವವನ್ನು ಸಾರಲು ಮತ್ತು 1973 ರಲ್ಲಿ CITES(ಅಳಿವಿನಂಚಿನಲ್ಲಿರುವ ಪ್ರಾಣಿ ಮತ್ತು ಸಸ್ಯಗಳ ಅಂತರರಾಷ್ಟ್ರೀಯ ವ್ಯಾಪಾರ ಒಪ್ಪಂದ) ಸಹಿ ಹಾಕಿದ ಸ್ಮರಣೆಗಾಗಿ ವಿಶ್ವಸಂಸ್ಥೆಯು ಈ ದಿನವನ್ನು ಘೋಷಿಸಿದೆ.
20 ಡಿಸೆಂಬರ್ 2013 ರಂದು ಯುನೈಟೆಡ್ ನೇಷನ್ಸ್ ಜನರಲ್ ಅಸೆಂಬ್ಲಿ ತನ್ನ 68ನೇ ಅಧಿವೇಶನದಲ್ಲಿ ಮಾರ್ಚ್ 3 ಅನ್ನು ವಿಶ್ವ ವನ್ಯಜೀವಿ ದಿನವೆಂದು ಘೋಷಿಸಿತು. ಕಾಡು ಪ್ರಾಣಿಗಳು ಮತ್ತು ಸಸ್ಯಗಳ ಅಂತರರಾಷ್ಟ್ರೀಯ ವ್ಯಾಪಾರವು ಅವುಗಳ ಉಳಿವಿಗೆ ಧಕ್ಕೆಯಾಗದಂತೆ ನೋಡಿಕೊಳ್ಳುವುದು ಮತ್ತು ಜೀವವೈವಿಧ್ಯತೆಯನ್ನು ಸಂರಕ್ಷಿಸುವುದು.
183 ಸದಸ್ಯ ರಾಷ್ಟ್ರಗಳೊಂದಿಗೆ, CITES ವನ್ಯಜೀವಿಗಳ ವ್ಯಾಪಾರವನ್ನು ನಿಯಂತ್ರಿಸುವ ಪ್ರಮುಖ ಅಂತರರಾಷ್ಟ್ರೀಯ ಒಪ್ಪಂದವಾಗಿದೆ.
2026 ರ ವಿಶ್ವ ವನ್ಯಜೀವಿ ದಿನವು ಔಷಧೀಯ ಮತ್ತು ಸುಗಂಧಿತ ಸಸ್ಯಗಳ ಸಂರಕ್ಷಣೆ ಮತ್ತು ಸುಸ್ಥಿರತೆಯ ಮೇಲೆ ಕೇಂದ್ರೀಕರಿಸುತ್ತದೆ.
ವಿಶ್ವ ವನ್ಯಜೀವಿ ದಿನದಂದು, ವಿಶ್ವಸಂಸ್ಥೆ ಮತ್ತು
WORLD WILD LIFE DAY
ವಿಶ್ವ ವನ್ಯಜೀವಿ ದಿನ

ಅದರ ಪಾಲುದಾರರು ಈ ಭೀಕರ ಪರಿಸ್ಥಿತಿಯ ಗುರುತ್ವಾಕರ್ಷಣೆಯ ಬಗ್ಗೆ ಜಾಗೃತಿ ಮೂಡಿಸಲು ಯೋಜಿಸುತ್ತಿದ್ದಾರೆ.
ಅಂತರರಾಷ್ಟ್ರೀಯ ಪ್ರಕೃತಿ ಸಂರಕ್ಷಣೆ ಒಕ್ಕೂಟವು ಪ್ರಾಣಿ ಅಳಿವಿನ ಅಪಾಯವನ್ನು ಎದುರಿಸುತ್ತಿದೆ ಎಂದು ನಂಬಿದರೆ ಮಾತ್ರ ಪ್ರಾಣಿಯನ್ನು ತೀವ್ರವಾಗಿ ಅಳಿವಿನಂಚಿನಲ್ಲಿರುವ ಪ್ರಭೇದಗಳ ಪಟ್ಟಿಯಲ್ಲಿ ಇರಿಸಲಾಗುತ್ತದೆ - ಕೈನೋಸಾರ್ಗಳು ಮತ್ತು ಡೋಡೋಗಳ ದಾರಿಯಲ್ಲಿ ಹೋಗುವುದರಿಂದ ಅಳಿವು. ಹಾಗಾದರೆ ತೀವ್ರವಾಗಿ ಅಳಿವಿನಂಚಿನಲ್ಲಿರುವ ಪ್ರಾಣಿ ಹೇಗಿರುತ್ತದೆ? ಪ್ರಸ್ತುತ ಅಂದಾಜಿನ ಪ್ರಕಾರ, ಇಡೀ ಪ್ರಪಂಚದಲ್ಲಿ ಸುಮಾರು 2,500 ಕಪ್ಪು ಖಡ್ಗಮೃಗಗಳಿವೆ. ದೇಶದ ದೂರದ ಪೂರ್ವದ ಹಿನ್ನೆಲೆಗಳಲ್ಲಿ ಕಂಡುಬರುವ ರಷ್ಯಾದ ಅಮುರ್ ಚಿರತೆ ಅಳಿವಿನ ಅಂಚಿನಲ್ಲಿದೆ, ಜಗತ್ತಿನಲ್ಲಿ ಕೇವಲ 40 ಮಾತ್ರ ಉಳಿದಿವೆ. ದುರದೃಷ್ಟವಶಾತ್, ಈ ಪಟ್ಟಿ ಮುಂದುವರಿಯುತ್ತದೆ. ಅಳಿವಿನಂಚಿನಲ್ಲಿರುವ ಪ್ರಭೇದಗಳ ಬಗ್ಗೆ ಮತ್ತು ನಾವೆಲ್ಲರೂ ಏನು ಮಾಡಬಹುದು ಎಂಬುದರ ಕುರಿತು ಜಾಗೃತಿ ಮೂಡಿಸಲು, ವಿಶ್ವಸಂಸ್ಥೆಯು ಮಾರ್ಚ್ 3 ರಂದು ವಿಶ್ವ ವನ್ಯಜೀವಿ ದಿನವನ್ನು ಆಚರಿಸುತ್ತದೆ.
